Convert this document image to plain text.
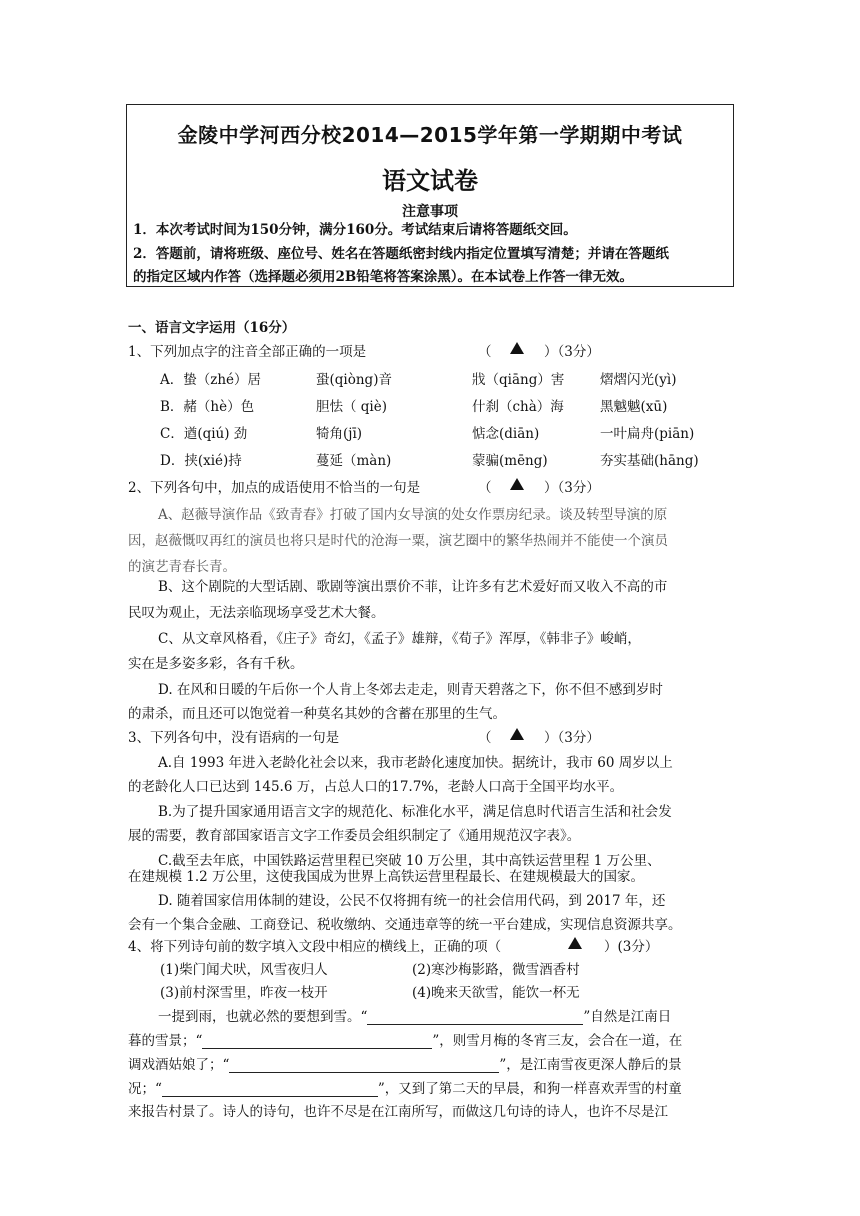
金陵中学河西分校2014—2015学年第一学期期中考试
语文试卷
注意事项
1．本次考试时间为150分钟，满分160分。考试结束后请将答题纸交回。
2．答题前，请将班级、座位号、姓名在答题纸密封线内指定位置填写清楚；并请在答题纸
的指定区域内作答（选择题必须用2B铅笔将答案涂黑）。在本试卷上作答一律无效。
一、语言文字运用（16分）
1、下列加点字的注音全部正确的一项是	（	）（3分）
A．蛰（zhé）居	蛩(qiòng)音	戕（qiāng）害	熠熠闪光(yì)
B．赭（hè）色	胆怯（ qiè)	什刹（chà）海	黑魆魆(xū)
C．遒(qiú) 劲	犄角(jī)	惦念(diān)	一叶扁舟(piān)
D．挟(xié)持	蔓延（màn)	蒙骗(mēng)	夯实基础(hāng)
2、下列各句中，加点的成语使用不恰当的一句是	（	）（3分）
A、赵薇导演作品《致青春》打破了国内女导演的处女作票房纪录。谈及转型导演的原
因，赵薇慨叹再红的演员也将只是时代的沧海一粟，演艺圈中的繁华热闹并不能使一个演员
的演艺青春长青。
B、这个剧院的大型话剧、歌剧等演出票价不菲，让许多有艺术爱好而又收入不高的市
民叹为观止，无法亲临现场享受艺术大餐。
C、从文章风格看，《庄子》奇幻，《孟子》雄辩，《荀子》浑厚，《韩非子》峻峭，
实在是多姿多彩，各有千秋。
D. 在风和日暖的午后你一个人肯上冬郊去走走，则青天碧落之下，你不但不感到岁时
的肃杀，而且还可以饱觉着一种莫名其妙的含蓄在那里的生气。
3、下列各句中，没有语病的一句是	（	）（3分）
A.自 1993 年进入老龄化社会以来，我市老龄化速度加快。据统计，我市 60 周岁以上
的老龄化人口已达到 145.6 万，占总人口的17.7%，老龄人口高于全国平均水平。
B.为了提升国家通用语言文字的规范化、标准化水平，满足信息时代语言生活和社会发
展的需要，教育部国家语言文字工作委员会组织制定了《通用规范汉字表》。
C.截至去年底，中国铁路运营里程已突破 10 万公里，其中高铁运营里程 1 万公里、
在建规模 1.2 万公里，这使我国成为世界上高铁运营里程最长、在建规模最大的国家。
D. 随着国家信用体制的建设，公民不仅将拥有统一的社会信用代码，到 2017 年，还
会有一个集合金融、工商登记、税收缴纳、交通违章等的统一平台建成，实现信息资源共享。
4、将下列诗句前的数字填入文段中相应的横线上，正确的项（	）(3分）
(1)柴门闻犬吠，风雪夜归人	(2)寒沙梅影路，微雪酒香村
(3)前村深雪里，昨夜一枝开	(4)晚来天欲雪，能饮一杯无
一提到雨，也就必然的要想到雪。“	”自然是江南日
暮的雪景；“	”，则雪月梅的冬宵三友，会合在一道，在
调戏酒姑娘了；“	”，是江南雪夜更深人静后的景
况；“	”，又到了第二天的早晨，和狗一样喜欢弄雪的村童
来报告村景了。诗人的诗句，也许不尽是在江南所写，而做这几句诗的诗人，也许不尽是江
